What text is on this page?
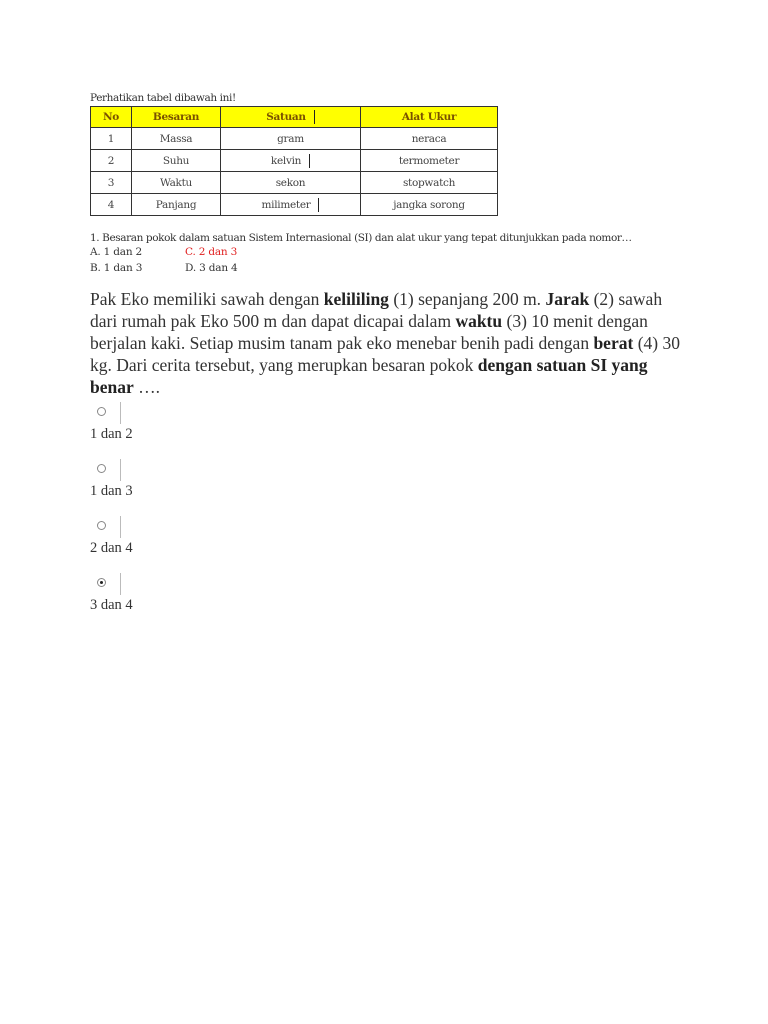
Perhatikan tabel dibawah ini!
No	Besaran	Satuan	Alat Ukur
1	Massa	gram	neraca
2	Suhu	kelvin	termometer
3	Waktu	sekon	stopwatch
4	Panjang	milimeter	jangka sorong
1. Besaran pokok dalam satuan Sistem Internasional (SI) dan alat ukur yang tepat ditunjukkan pada nomor…
A. 1 dan 2	C. 2 dan 3
B. 1 dan 3	D. 3 dan 4
Pak Eko memiliki sawah dengan kelililing (1) sepanjang 200 m. Jarak (2) sawah dari rumah pak Eko 500 m dan dapat dicapai dalam waktu (3) 10 menit dengan berjalan kaki. Setiap musim tanam pak eko menebar benih padi dengan berat (4) 30 kg. Dari cerita tersebut, yang merupkan besaran pokok dengan satuan SI yang benar ….
1 dan 2
1 dan 3
2 dan 4
3 dan 4
